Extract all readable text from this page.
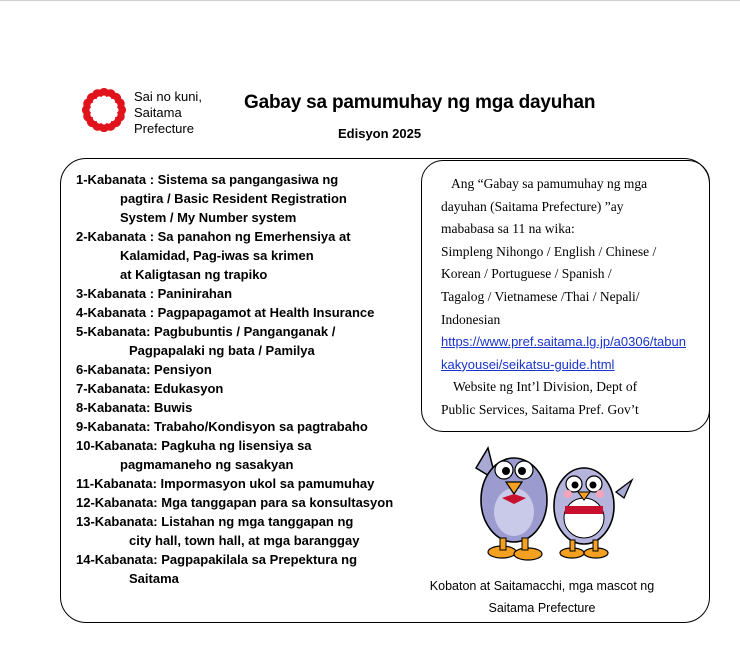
Sai no kuni,
Saitama
Prefecture
Gabay sa pamumuhay ng mga dayuhan
Edisyon 2025
1-Kabanata : Sistema sa pangangasiwa ng
pagtira / Basic Resident Registration
System / My Number system
2-Kabanata : Sa panahon ng Emerhensiya at
Kalamidad, Pag-iwas sa krimen
at Kaligtasan ng trapiko
3-Kabanata : Paninirahan
4-Kabanata : Pagpapagamot at Health Insurance
5-Kabanata: Pagbubuntis / Panganganak /
Pagpapalaki ng bata / Pamilya
6-Kabanata: Pensiyon
7-Kabanata: Edukasyon
8-Kabanata: Buwis
9-Kabanata: Trabaho/Kondisyon sa pagtrabaho
10-Kabanata: Pagkuha ng lisensiya sa
pagmamaneho ng sasakyan
11-Kabanata: Impormasyon ukol sa pamumuhay
12-Kabanata: Mga tanggapan para sa konsultasyon
13-Kabanata: Listahan ng mga tanggapan ng
city hall, town hall, at mga baranggay
14-Kabanata: Pagpapakilala sa Prepektura ng
Saitama
Ang “Gabay sa pamumuhay ng mga
dayuhan (Saitama Prefecture) ”ay
mababasa sa 11 na wika:
Simpleng Nihongo / English / Chinese /
Korean / Portuguese / Spanish /
Tagalog / Vietnamese /Thai / Nepali/
Indonesian
https://www.pref.saitama.lg.jp/a0306/tabun
kakyousei/seikatsu-guide.html
Website ng Int’l Division, Dept of
Public Services, Saitama Pref. Gov’t
Kobaton at Saitamacchi, mga mascot ng
Saitama Prefecture
